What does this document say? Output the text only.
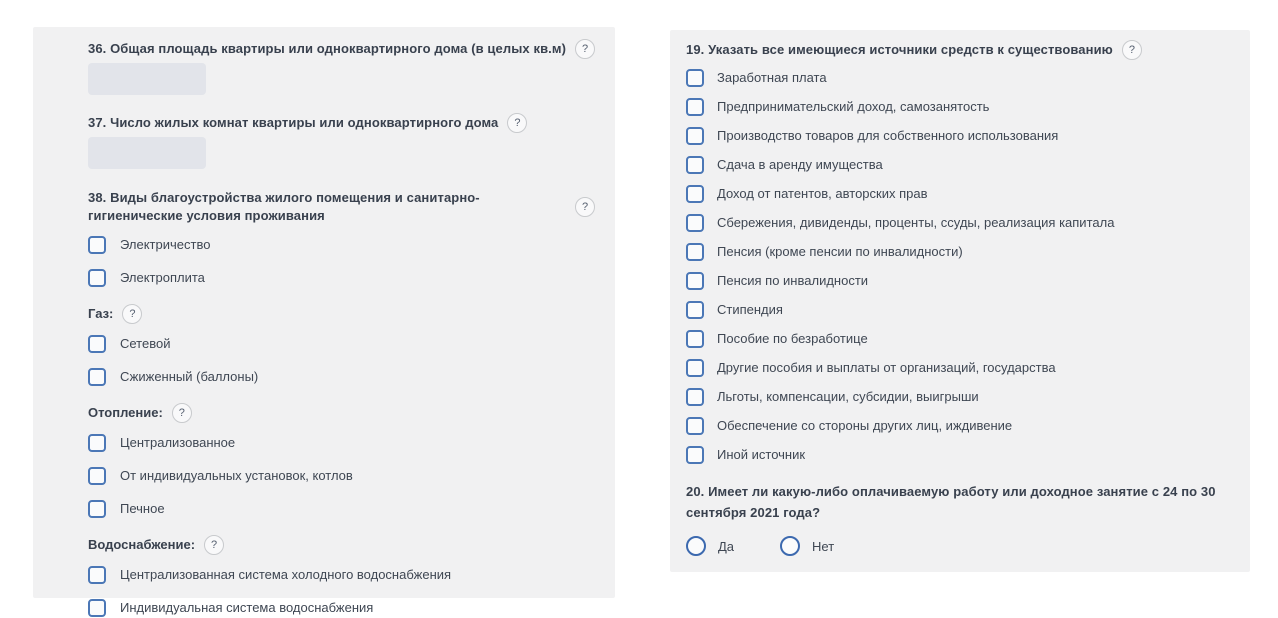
36. Общая площадь квартиры или одноквартирного дома (в целых кв.м)	?
37. Число жилых комнат квартиры или одноквартирного дома	?
38. Виды благоустройства жилого помещения и санитарно-гигиенические условия проживания
?
Электричество
Электроплита
Газ:	?
Сетевой
Сжиженный (баллоны)
Отопление:	?
Централизованное
От индивидуальных установок, котлов
Печное
Водоснабжение:	?
Централизованная система холодного водоснабжения
Индивидуальная система водоснабжения
19. Указать все имеющиеся источники средств к существованию	?
Заработная плата
Предпринимательский доход, самозанятость
Производство товаров для собственного использования
Сдача в аренду имущества
Доход от патентов, авторских прав
Сбережения, дивиденды, проценты, ссуды, реализация капитала
Пенсия (кроме пенсии по инвалидности)
Пенсия по инвалидности
Стипендия
Пособие по безработице
Другие пособия и выплаты от организаций, государства
Льготы, компенсации, субсидии, выигрыши
Обеспечение со стороны других лиц, иждивение
Иной источник
20. Имеет ли какую-либо оплачиваемую работу или доходное занятие с 24 по 30 сентября 2021 года?
Да	Нет
